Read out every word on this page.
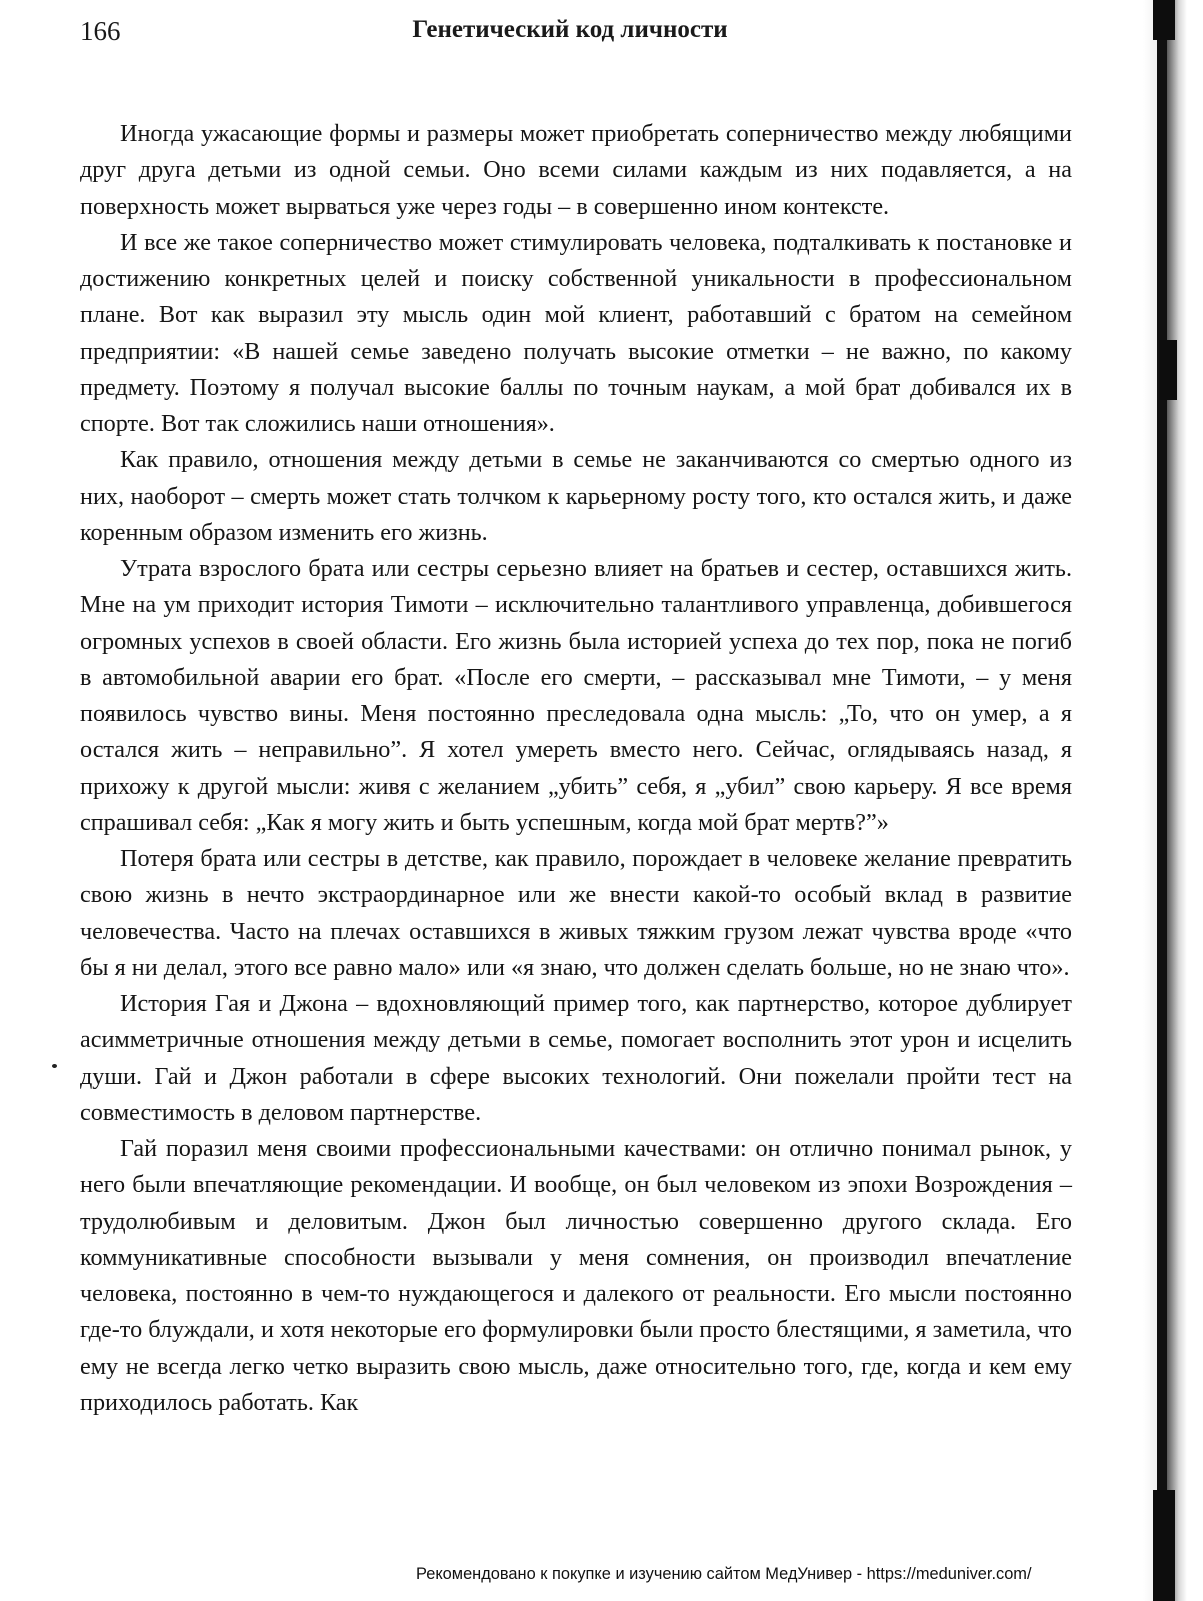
166	Генетический код личности

Иногда ужасающие формы и размеры может приобретать соперничество между любящими друг друга детьми из одной семьи. Оно всеми силами каждым из них подавляется, а на поверхность может вырваться уже через годы – в совершенно ином контексте.

И все же такое соперничество может стимулировать человека, подталкивать к постановке и достижению конкретных целей и поиску собственной уникальности в профессиональном плане. Вот как выразил эту мысль один мой клиент, работавший с братом на семейном предприятии: «В нашей семье заведено получать высокие отметки – не важно, по какому предмету. Поэтому я получал высокие баллы по точным наукам, а мой брат добивался их в спорте. Вот так сложились наши отношения».

Как правило, отношения между детьми в семье не заканчиваются со смертью одного из них, наоборот – смерть может стать толчком к карьерному росту того, кто остался жить, и даже коренным образом изменить его жизнь.

Утрата взрослого брата или сестры серьезно влияет на братьев и сестер, оставшихся жить. Мне на ум приходит история Тимоти – исключительно талантливого управленца, добившегося огромных успехов в своей области. Его жизнь была историей успеха до тех пор, пока не погиб в автомобильной аварии его брат. «После его смерти, – рассказывал мне Тимоти, – у меня появилось чувство вины. Меня постоянно преследовала одна мысль: „То, что он умер, а я остался жить – неправильно”. Я хотел умереть вместо него. Сейчас, оглядываясь назад, я прихожу к другой мысли: живя с желанием „убить” себя, я „убил” свою карьеру. Я все время спрашивал себя: „Как я могу жить и быть успешным, когда мой брат мертв?”»

Потеря брата или сестры в детстве, как правило, порождает в человеке желание превратить свою жизнь в нечто экстраординарное или же внести какой-то особый вклад в развитие человечества. Часто на плечах оставшихся в живых тяжким грузом лежат чувства вроде «что бы я ни делал, этого все равно мало» или «я знаю, что должен сделать больше, но не знаю что».

История Гая и Джона – вдохновляющий пример того, как партнерство, которое дублирует асимметричные отношения между детьми в семье, помогает восполнить этот урон и исцелить души. Гай и Джон работали в сфере высоких технологий. Они пожелали пройти тест на совместимость в деловом партнерстве.

Гай поразил меня своими профессиональными качествами: он отлично понимал рынок, у него были впечатляющие рекомендации. И вообще, он был человеком из эпохи Возрождения – трудолюбивым и деловитым. Джон был личностью совершенно другого склада. Его коммуникативные способности вызывали у меня сомнения, он производил впечатление человека, постоянно в чем-то нуждающегося и далекого от реальности. Его мысли постоянно где-то блуждали, и хотя некоторые его формулировки были просто блестящими, я заметила, что ему не всегда легко четко выразить свою мысль, даже относительно того, где, когда и кем ему приходилось работать. Как

Рекомендовано к покупке и изучению сайтом МедУнивер - https://meduniver.com/
